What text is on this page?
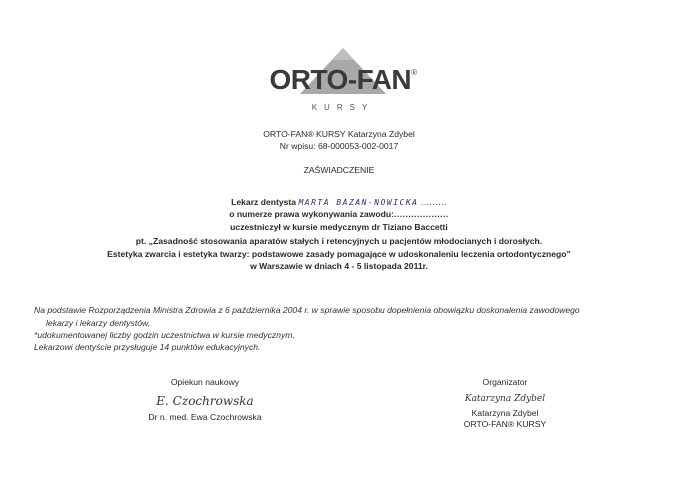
ORTO-FAN®
KURSY
ORTO-FAN® KURSY Katarzyna Zdybel
Nr wpisu: 68-000053-002-0017
ZAŚWIADCZENIE
Lekarz dentysta MARTA BAZAN-NOWICKA .........
o numerze prawa wykonywania zawodu:...................
uczestniczył w kursie medycznym dr Tiziano Baccetti
pt. „Zasadność stosowania aparatów stałych i retencyjnych u pacjentów młodocianych i dorosłych.
Estetyka zwarcia i estetyka twarzy: podstawowe zasady pomagające w udoskonaleniu leczenia ortodontycznego”
w Warszawie w dniach 4 - 5 listopada 2011r.
Na podstawie Rozporządzenia Ministra Zdrowia z 6 października 2004 r. w sprawie sposobu dopełnienia obowiązku doskonalenia zawodowego
lekarzy i lekarzy dentystów,
*udokumentowanej liczby godzin uczestnictwa w kursie medycznym,
Lekarzowi dentyście przysługuje 14 punktów edukacyjnych.
Opiekun naukowy
E. Czochrowska
Dr n. med. Ewa Czochrowska
Organizator
Katarzyna Zdybel
Katarzyna Zdybel
ORTO-FAN® KURSY
